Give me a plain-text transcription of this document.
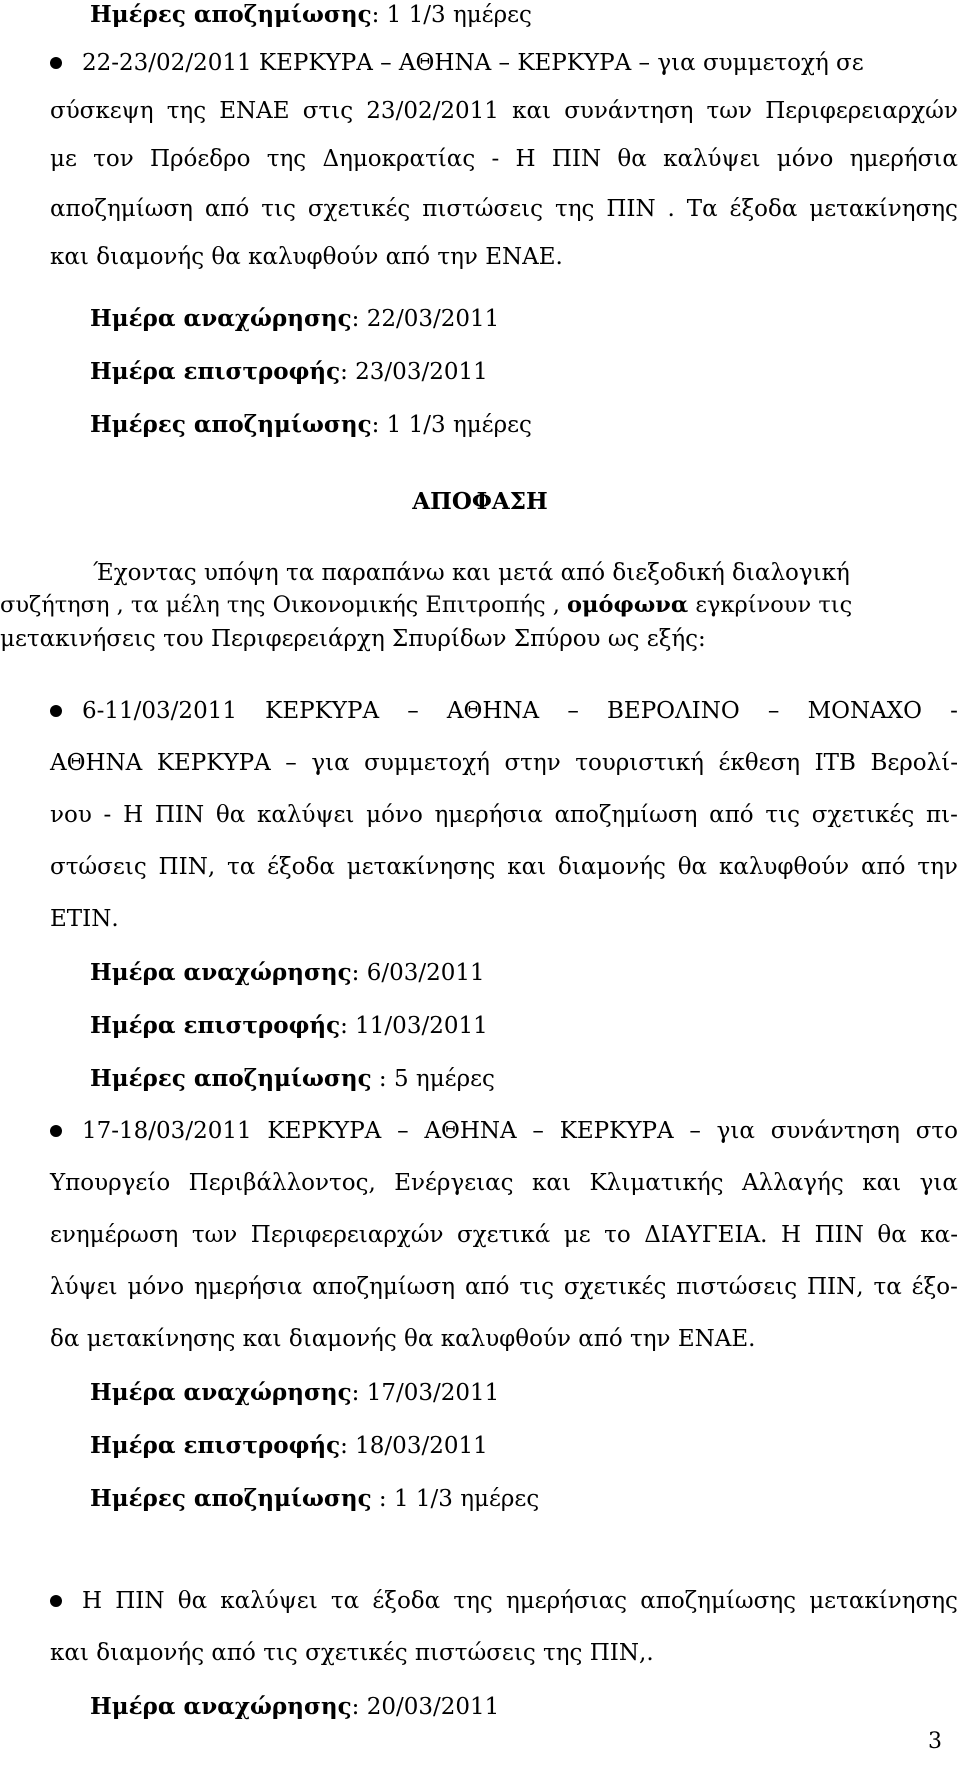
Ημέρες αποζημίωσης: 1 1/3 ημέρες
22-23/02/2011 ΚΕΡΚΥΡΑ – ΑΘΗΝΑ – ΚΕΡΚΥΡΑ – για συμμετοχή σε
σύσκεψη της ΕΝΑΕ στις 23/02/2011 και συνάντηση των Περιφερειαρχών
με τον Πρόεδρο της Δημοκρατίας - Η ΠΙΝ θα καλύψει μόνο ημερήσια
αποζημίωση από τις σχετικές πιστώσεις της ΠΙΝ . Τα έξοδα μετακίνησης
και διαμονής θα καλυφθούν από την ΕΝΑΕ.
Ημέρα αναχώρησης: 22/03/2011
Ημέρα επιστροφής: 23/03/2011
Ημέρες αποζημίωσης: 1 1/3 ημέρες
ΑΠΟΦΑΣΗ
Έχοντας υπόψη τα παραπάνω και μετά από διεξοδική διαλογική
συζήτηση , τα μέλη της Οικονομικής Επιτροπής , ομόφωνα εγκρίνουν τις
μετακινήσεις του Περιφερειάρχη Σπυρίδων Σπύρου ως εξής:
6-11/03/2011 ΚΕΡΚΥΡΑ – ΑΘΗΝΑ – ΒΕΡΟΛΙΝΟ – ΜΟΝΑΧΟ -
ΑΘΗΝΑ ΚΕΡΚΥΡΑ – για συμμετοχή στην τουριστική έκθεση ΙΤΒ Βερολί-
νου - Η ΠΙΝ θα καλύψει μόνο ημερήσια αποζημίωση από τις σχετικές πι-
στώσεις ΠΙΝ, τα έξοδα μετακίνησης και διαμονής θα καλυφθούν από την
ΕΤΙΝ.
Ημέρα αναχώρησης: 6/03/2011
Ημέρα επιστροφής: 11/03/2011
Ημέρες αποζημίωσης : 5 ημέρες
17-18/03/2011 ΚΕΡΚΥΡΑ – ΑΘΗΝΑ – ΚΕΡΚΥΡΑ – για συνάντηση στο
Υπουργείο Περιβάλλοντος, Ενέργειας και Κλιματικής Αλλαγής και για
ενημέρωση των Περιφερειαρχών σχετικά με το ΔΙΑΥΓΕΙΑ. Η ΠΙΝ θα κα-
λύψει μόνο ημερήσια αποζημίωση από τις σχετικές πιστώσεις ΠΙΝ, τα έξο-
δα μετακίνησης και διαμονής θα καλυφθούν από την ΕΝΑΕ.
Ημέρα αναχώρησης: 17/03/2011
Ημέρα επιστροφής: 18/03/2011
Ημέρες αποζημίωσης : 1 1/3 ημέρες
Η ΠΙΝ θα καλύψει τα έξοδα της ημερήσιας αποζημίωσης μετακίνησης
και διαμονής από τις σχετικές πιστώσεις της ΠΙΝ,.
Ημέρα αναχώρησης: 20/03/2011
3
